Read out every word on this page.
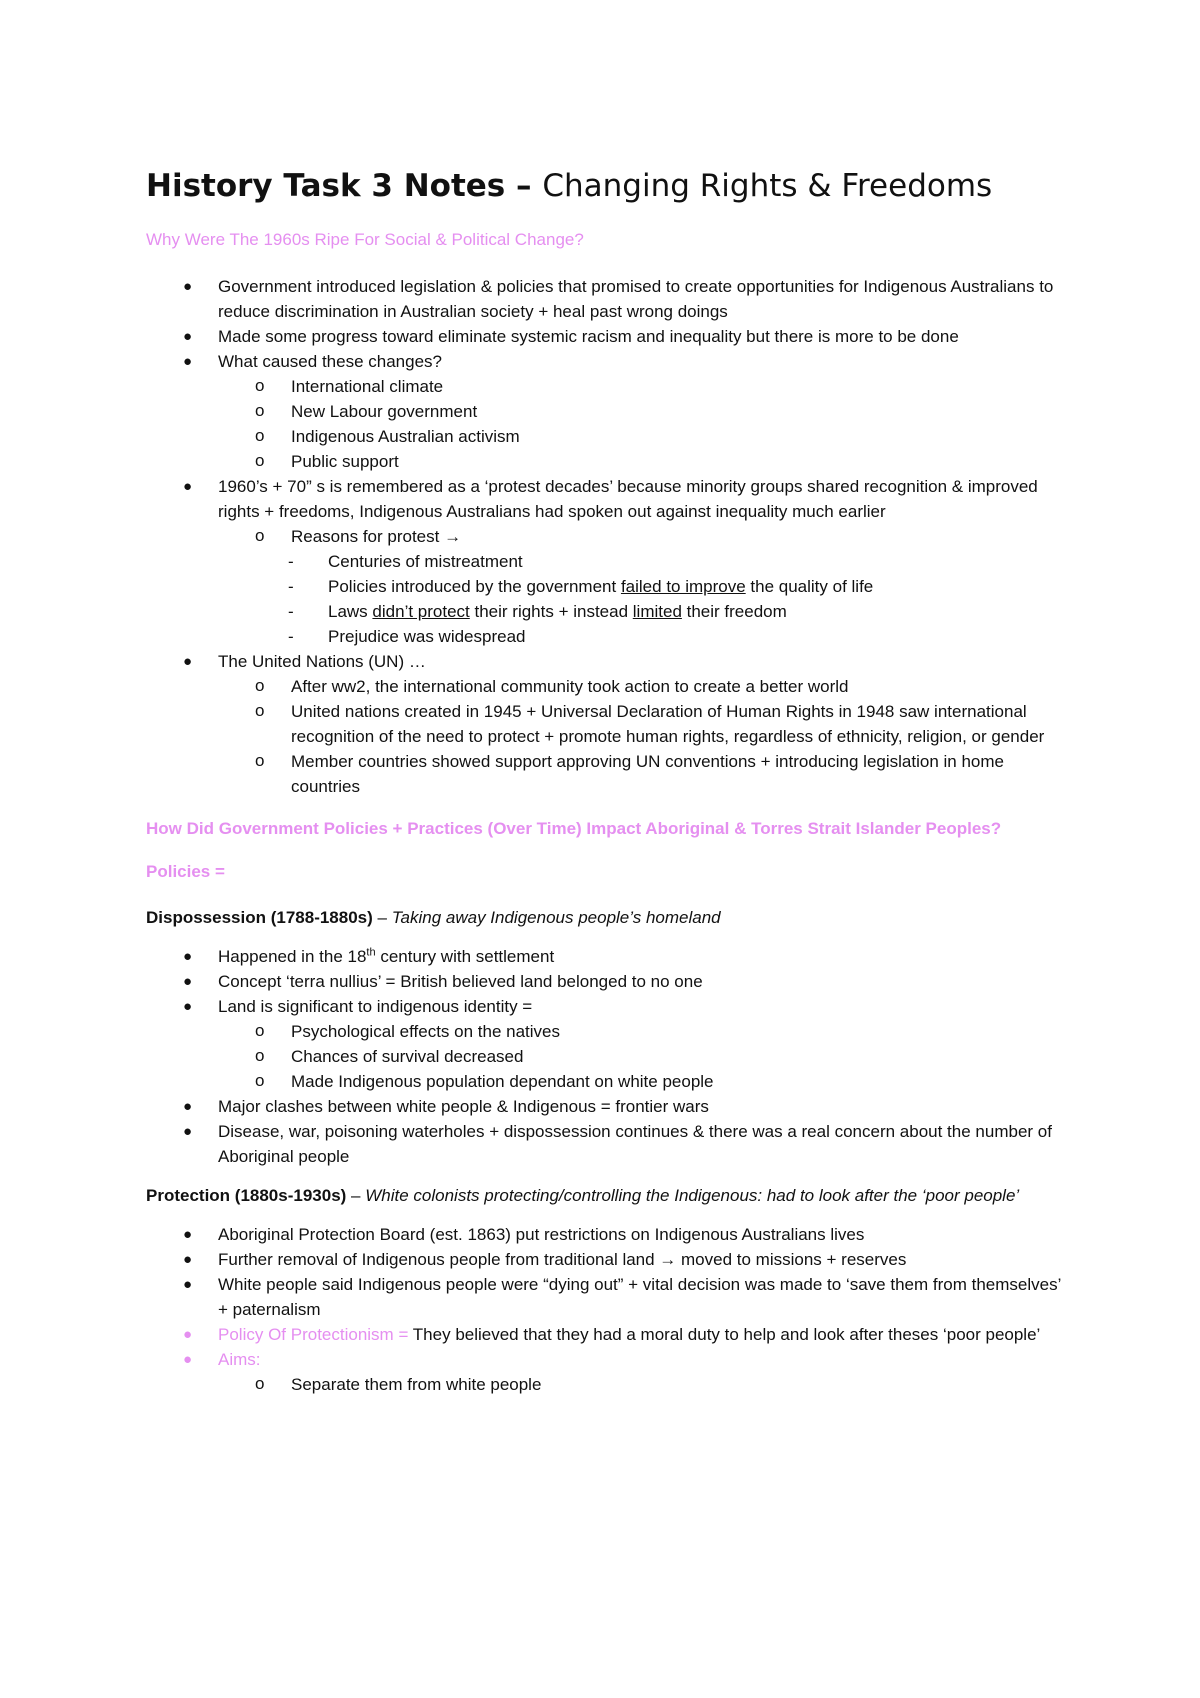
History Task 3 Notes – Changing Rights & Freedoms
Why Were The 1960s Ripe For Social & Political Change?
● Government introduced legislation & policies that promised to create opportunities for Indigenous Australians to reduce discrimination in Australian society + heal past wrong doings
● Made some progress toward eliminate systemic racism and inequality but there is more to be done
● What caused these changes?
o International climate
o New Labour government
o Indigenous Australian activism
o Public support
● 1960’s + 70” s is remembered as a ‘protest decades’ because minority groups shared recognition & improved rights + freedoms, Indigenous Australians had spoken out against inequality much earlier
o Reasons for protest →
- Centuries of mistreatment
- Policies introduced by the government failed to improve the quality of life
- Laws didn’t protect their rights + instead limited their freedom
- Prejudice was widespread
● The United Nations (UN) …
o After ww2, the international community took action to create a better world
o United nations created in 1945 + Universal Declaration of Human Rights in 1948 saw international recognition of the need to protect + promote human rights, regardless of ethnicity, religion, or gender
o Member countries showed support approving UN conventions + introducing legislation in home countries
How Did Government Policies + Practices (Over Time) Impact Aboriginal & Torres Strait Islander Peoples?
Policies =

Dispossession (1788-1880s) – Taking away Indigenous people’s homeland

● Happened in the 18th century with settlement
● Concept ‘terra nullius’ = British believed land belonged to no one
● Land is significant to indigenous identity =
o Psychological effects on the natives
o Chances of survival decreased
o Made Indigenous population dependant on white people
● Major clashes between white people & Indigenous = frontier wars
● Disease, war, poisoning waterholes + dispossession continues & there was a real concern about the number of Aboriginal people

Protection (1880s-1930s) – White colonists protecting/controlling the Indigenous: had to look after the ‘poor people’

● Aboriginal Protection Board (est. 1863) put restrictions on Indigenous Australians lives
● Further removal of Indigenous people from traditional land → moved to missions + reserves
● White people said Indigenous people were “dying out” + vital decision was made to ‘save them from themselves’ + paternalism
● Policy Of Protectionism = They believed that they had a moral duty to help and look after theses ‘poor people’
● Aims:
o Separate them from white people
